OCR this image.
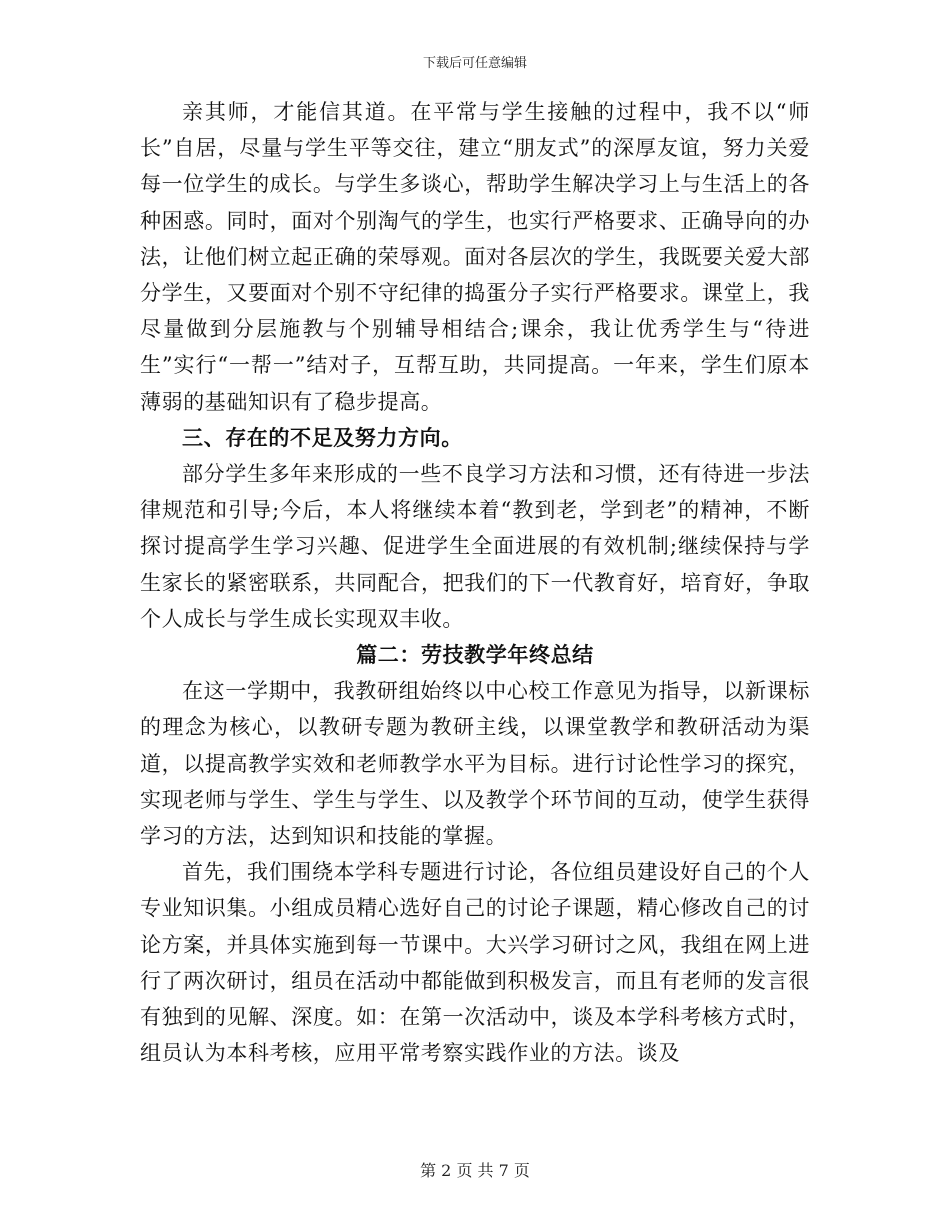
下载后可任意编辑

亲其师，才能信其道。在平常与学生接触的过程中，我不以“师长”自居，尽量与学生平等交往，建立“朋友式”的深厚友谊，努力关爱每一位学生的成长。与学生多谈心，帮助学生解决学习上与生活上的各种困惑。同时，面对个别淘气的学生，也实行严格要求、正确导向的办法，让他们树立起正确的荣辱观。面对各层次的学生，我既要关爱大部分学生，又要面对个别不守纪律的捣蛋分子实行严格要求。课堂上，我尽量做到分层施教与个别辅导相结合;课余，我让优秀学生与“待进生”实行“一帮一”结对子，互帮互助，共同提高。一年来，学生们原本薄弱的基础知识有了稳步提高。

三、存在的不足及努力方向。

部分学生多年来形成的一些不良学习方法和习惯，还有待进一步法律规范和引导;今后，本人将继续本着“教到老，学到老”的精神，不断探讨提高学生学习兴趣、促进学生全面进展的有效机制;继续保持与学生家长的紧密联系，共同配合，把我们的下一代教育好，培育好，争取个人成长与学生成长实现双丰收。

篇二：劳技教学年终总结

在这一学期中，我教研组始终以中心校工作意见为指导，以新课标的理念为核心，以教研专题为教研主线，以课堂教学和教研活动为渠道，以提高教学实效和老师教学水平为目标。进行讨论性学习的探究，实现老师与学生、学生与学生、以及教学个环节间的互动，使学生获得学习的方法，达到知识和技能的掌握。

首先，我们围绕本学科专题进行讨论，各位组员建设好自己的个人专业知识集。小组成员精心选好自己的讨论子课题，精心修改自己的讨论方案，并具体实施到每一节课中。大兴学习研讨之风，我组在网上进行了两次研讨，组员在活动中都能做到积极发言，而且有老师的发言很有独到的见解、深度。如：在第一次活动中，谈及本学科考核方式时，组员认为本科考核，应用平常考察实践作业的方法。谈及

第 2 页 共 7 页
